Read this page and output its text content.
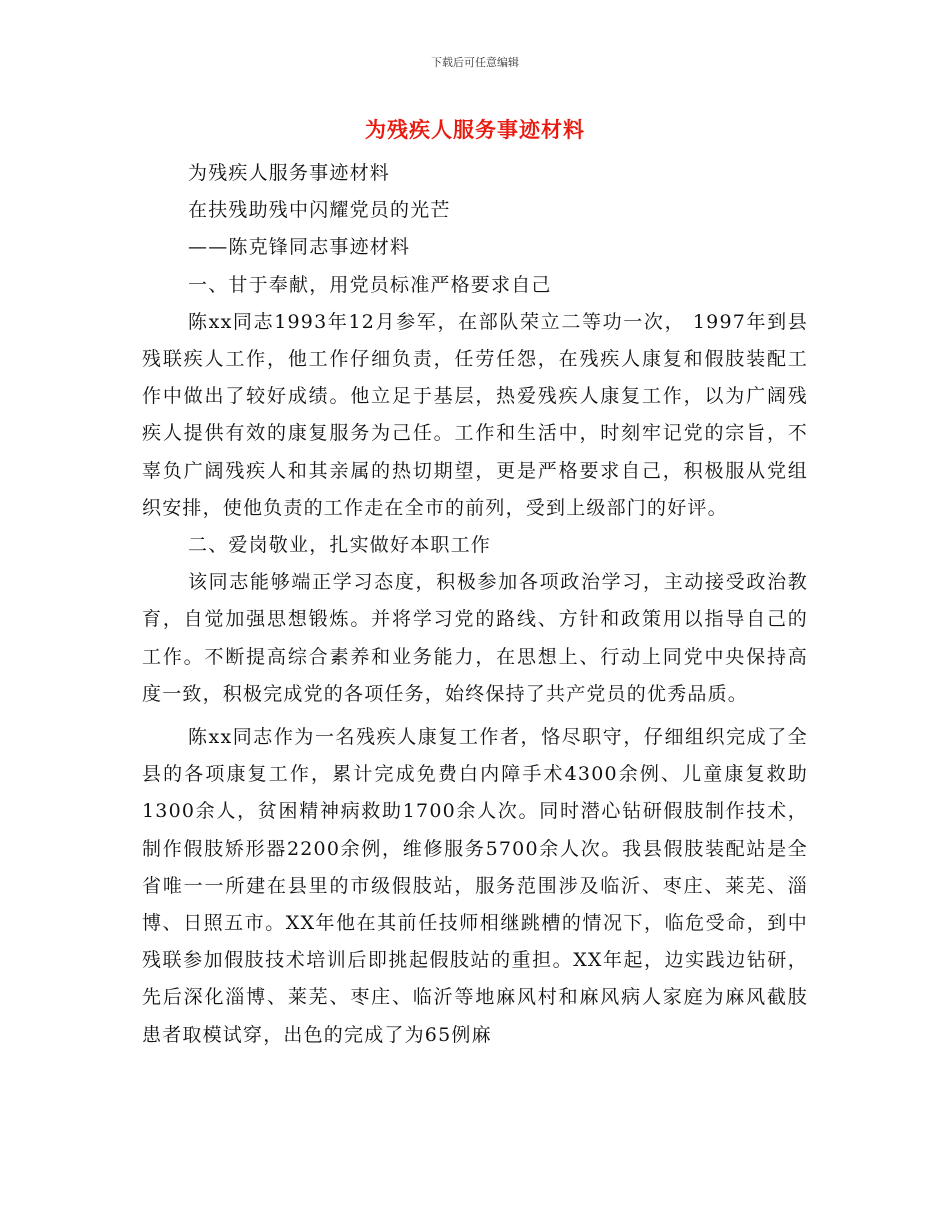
下载后可任意编辑
为残疾人服务事迹材料
为残疾人服务事迹材料
在扶残助残中闪耀党员的光芒
——陈克锋同志事迹材料
一、甘于奉献，用党员标准严格要求自己
陈xx同志1993年12月参军，在部队荣立二等功一次， 1997年到县残联疾人工作，他工作仔细负责，任劳任怨，在残疾人康复和假肢装配工作中做出了较好成绩。他立足于基层，热爱残疾人康复工作，以为广阔残疾人提供有效的康复服务为己任。工作和生活中，时刻牢记党的宗旨，不辜负广阔残疾人和其亲属的热切期望，更是严格要求自己，积极服从党组织安排，使他负责的工作走在全市的前列，受到上级部门的好评。
二、爱岗敬业，扎实做好本职工作
该同志能够端正学习态度，积极参加各项政治学习，主动接受政治教育，自觉加强思想锻炼。并将学习党的路线、方针和政策用以指导自己的工作。不断提高综合素养和业务能力，在思想上、行动上同党中央保持高度一致，积极完成党的各项任务，始终保持了共产党员的优秀品质。
陈xx同志作为一名残疾人康复工作者，恪尽职守，仔细组织完成了全县的各项康复工作，累计完成免费白内障手术4300余例、儿童康复救助1300余人，贫困精神病救助1700余人次。同时潜心钻研假肢制作技术，制作假肢矫形器2200余例，维修服务5700余人次。我县假肢装配站是全省唯一一所建在县里的市级假肢站，服务范围涉及临沂、枣庄、莱芜、淄博、日照五市。XX年他在其前任技师相继跳槽的情况下，临危受命，到中残联参加假肢技术培训后即挑起假肢站的重担。XX年起，边实践边钻研，先后深化淄博、莱芜、枣庄、临沂等地麻风村和麻风病人家庭为麻风截肢患者取模试穿，出色的完成了为65例麻
